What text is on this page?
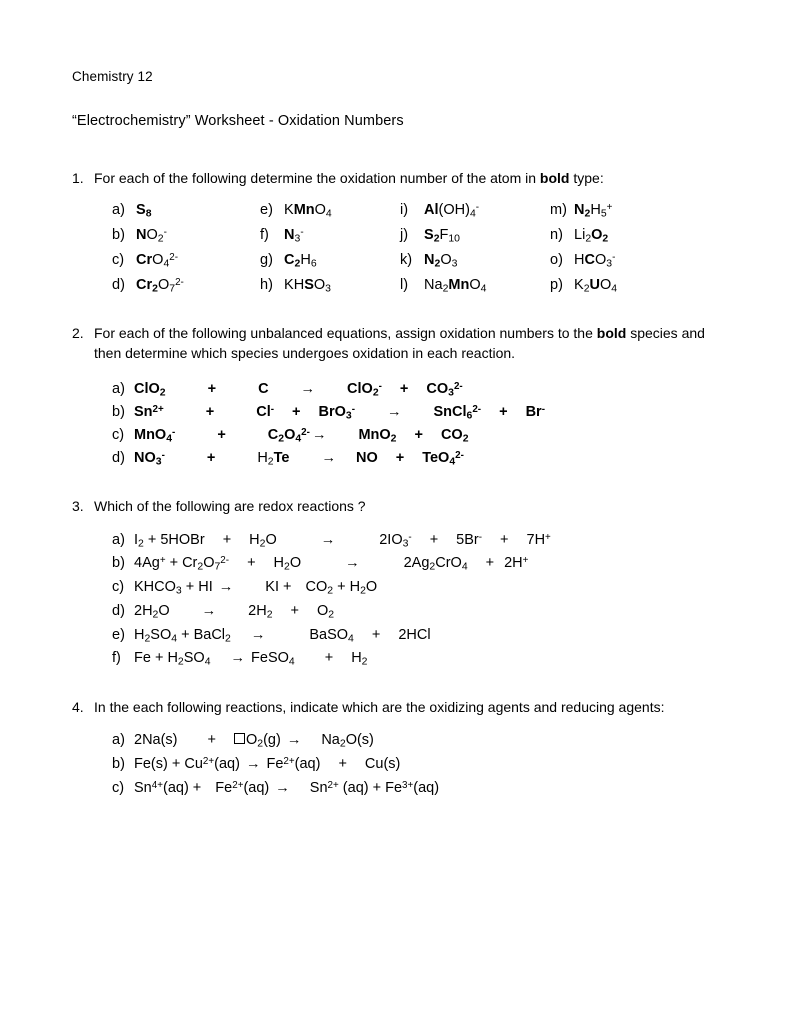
Chemistry 12
“Electrochemistry” Worksheet - Oxidation Numbers
1. For each of the following determine the oxidation number of the atom in bold type:
a) $S_8$	e) KMnO$_4$	i) $Al(OH)_4^-$	m) $N_2H_5^+$
b) $NO_2^-$	f) $N_3^-$	j) $S_2F_{10}$	n) $Li_2O_2$
c) CrO$_4^{2-}$	g) $C_2H_6$	k) $N_2O_3$	o) $HCO_3^-$
d) $Cr_2O_7^{2-}$	h) $KHSO_3$	l) $Na_2MnO_4$	p) $K_2UO_4$
2. For each of the following unbalanced equations, assign oxidation numbers to the bold species and then determine which species undergoes oxidation in each reaction.
a) ClO$_2$	+	$C \to ClO_2^- + CO_3^{2-}$
b) $Sn^{2+}$	+	Cl- + BrO$_3$- → SnCl$_6^{2-}$ + Br-
c) MnO$_4$-	+	$C_2O_4^{2-} \to MnO_2 + CO_2$
d) $NO_3^-$	+	$H_2Te$ → NO + TeO$_4^{2-}$
3. Which of the following are redox reactions ?
a) $I_2$ + 5HOBr + $H_2O$	→	$2IO_3^- + 5Br^- + 7H^+$
b) $4Ag^+ + Cr_2O_7^{2-} + H_2O$	→	$2Ag_2CrO_4 + 2H^+$
c) $KHCO_3$ + HI → KI + $CO_2 + H_2O$
d) $2H_2O \to 2H_2 + O_2$
e) $H_2SO_4$ + BaCl$_2$ →	BaSO$_4$ + 2HCl
f) $Fe + H_2SO_4$ → FeSO$_4$ + $H_2$
4. In the each following reactions, indicate which are the oxidizing agents and reducing agents:
a) $2Na(s) + O_2(g) \to Na_2O(s)$
b) $Fe(s) + Cu^{2+}(aq) \to Fe^{2+}(aq) + Cu(s)$
c) $Sn^{4+}(aq) + Fe^{2+}(aq) \to Sn^{2+}$ $(aq) + Fe^{3+}(aq)$
